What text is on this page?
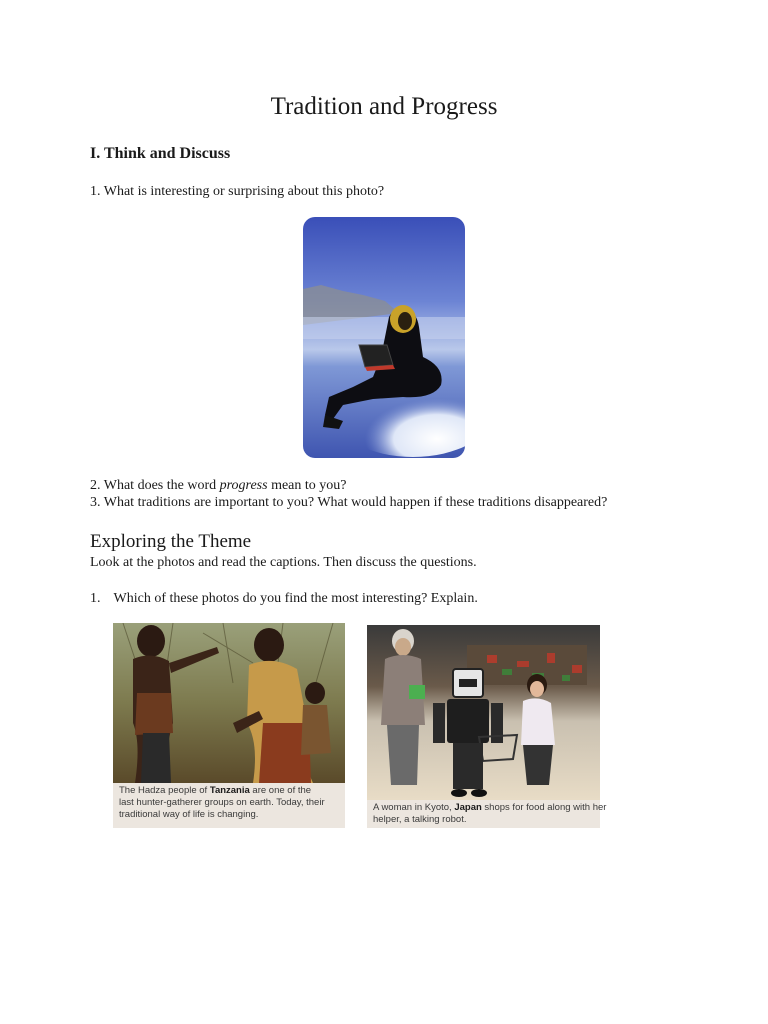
Tradition and Progress
I. Think and Discuss
1. What is interesting or surprising about this photo?
2. What does the word progress mean to you?
3. What traditions are important to you? What would happen if these traditions disappeared?
Exploring the Theme
Look at the photos and read the captions. Then discuss the questions.
1. Which of these photos do you find the most interesting? Explain.
The Hadza people of Tanzania are one of the
last hunter-gatherer groups on earth. Today, their
traditional way of life is changing.
A woman in Kyoto, Japan shops for food along with her
helper, a talking robot.
